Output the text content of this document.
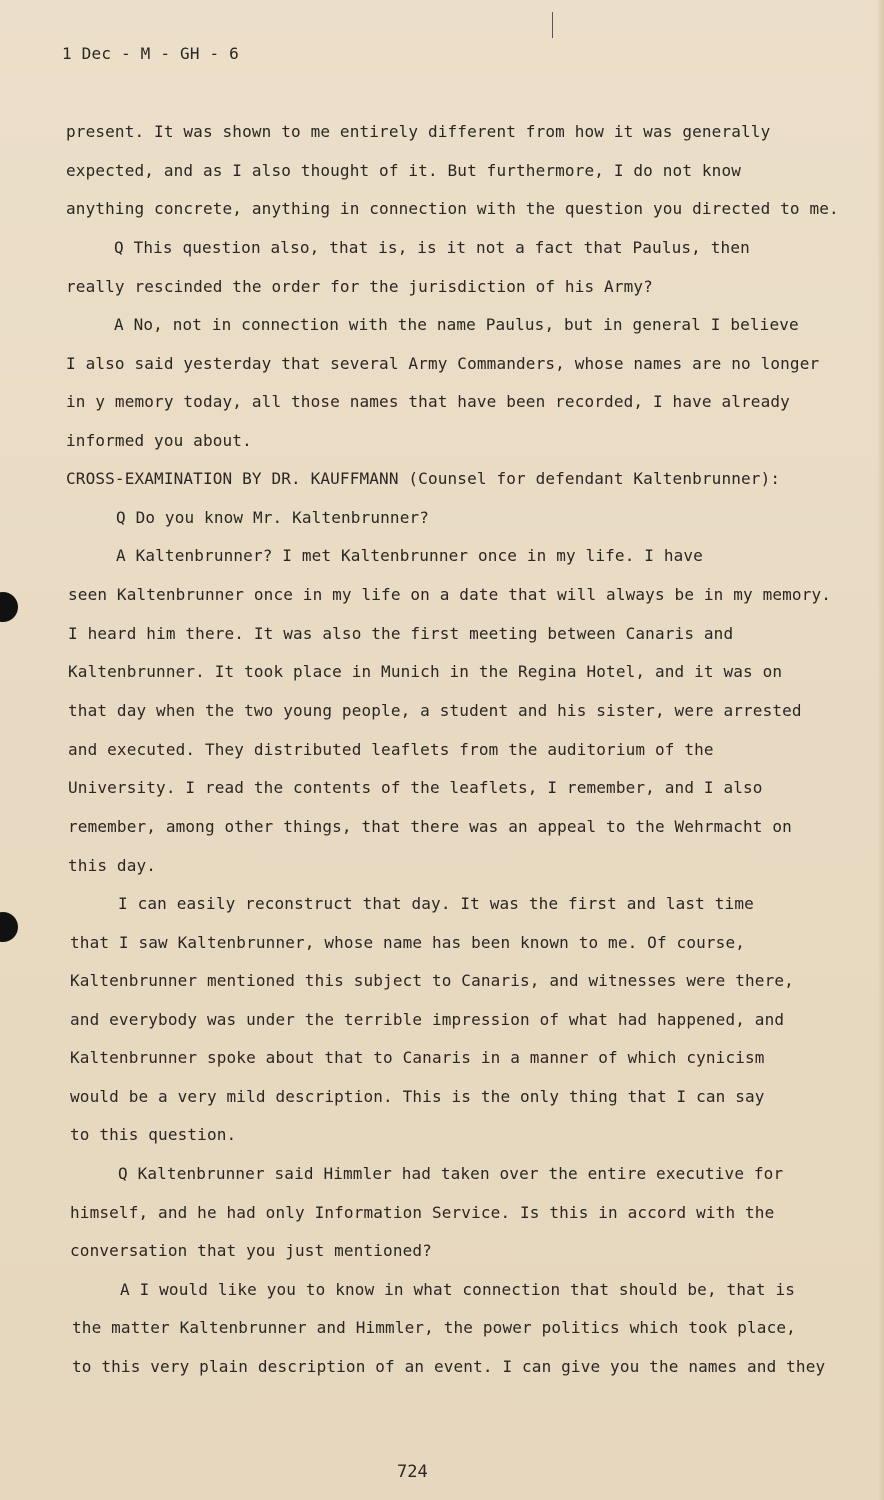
1 Dec - M - GH - 6
present. It was shown to me entirely different from how it was generally
expected, and as I also thought of it. But furthermore, I do not know
anything concrete, anything in connection with the question you directed to me.
Q This question also, that is, is it not a fact that Paulus, then
really rescinded the order for the jurisdiction of his Army?
A No, not in connection with the name Paulus, but in general I believe
I also said yesterday that several Army Commanders, whose names are no longer
in y memory today, all those names that have been recorded, I have already
informed you about.
CROSS-EXAMINATION BY DR. KAUFFMANN (Counsel for defendant Kaltenbrunner):
Q Do you know Mr. Kaltenbrunner?
A Kaltenbrunner? I met Kaltenbrunner once in my life. I have
seen Kaltenbrunner once in my life on a date that will always be in my memory.
I heard him there. It was also the first meeting between Canaris and
Kaltenbrunner. It took place in Munich in the Regina Hotel, and it was on
that day when the two young people, a student and his sister, were arrested
and executed. They distributed leaflets from the auditorium of the
University. I read the contents of the leaflets, I remember, and I also
remember, among other things, that there was an appeal to the Wehrmacht on
this day.
I can easily reconstruct that day. It was the first and last time
that I saw Kaltenbrunner, whose name has been known to me. Of course,
Kaltenbrunner mentioned this subject to Canaris, and witnesses were there,
and everybody was under the terrible impression of what had happened, and
Kaltenbrunner spoke about that to Canaris in a manner of which cynicism
would be a very mild description. This is the only thing that I can say
to this question.
Q Kaltenbrunner said Himmler had taken over the entire executive for
himself, and he had only Information Service. Is this in accord with the
conversation that you just mentioned?
A I would like you to know in what connection that should be, that is
the matter Kaltenbrunner and Himmler, the power politics which took place,
to this very plain description of an event. I can give you the names and they
724
